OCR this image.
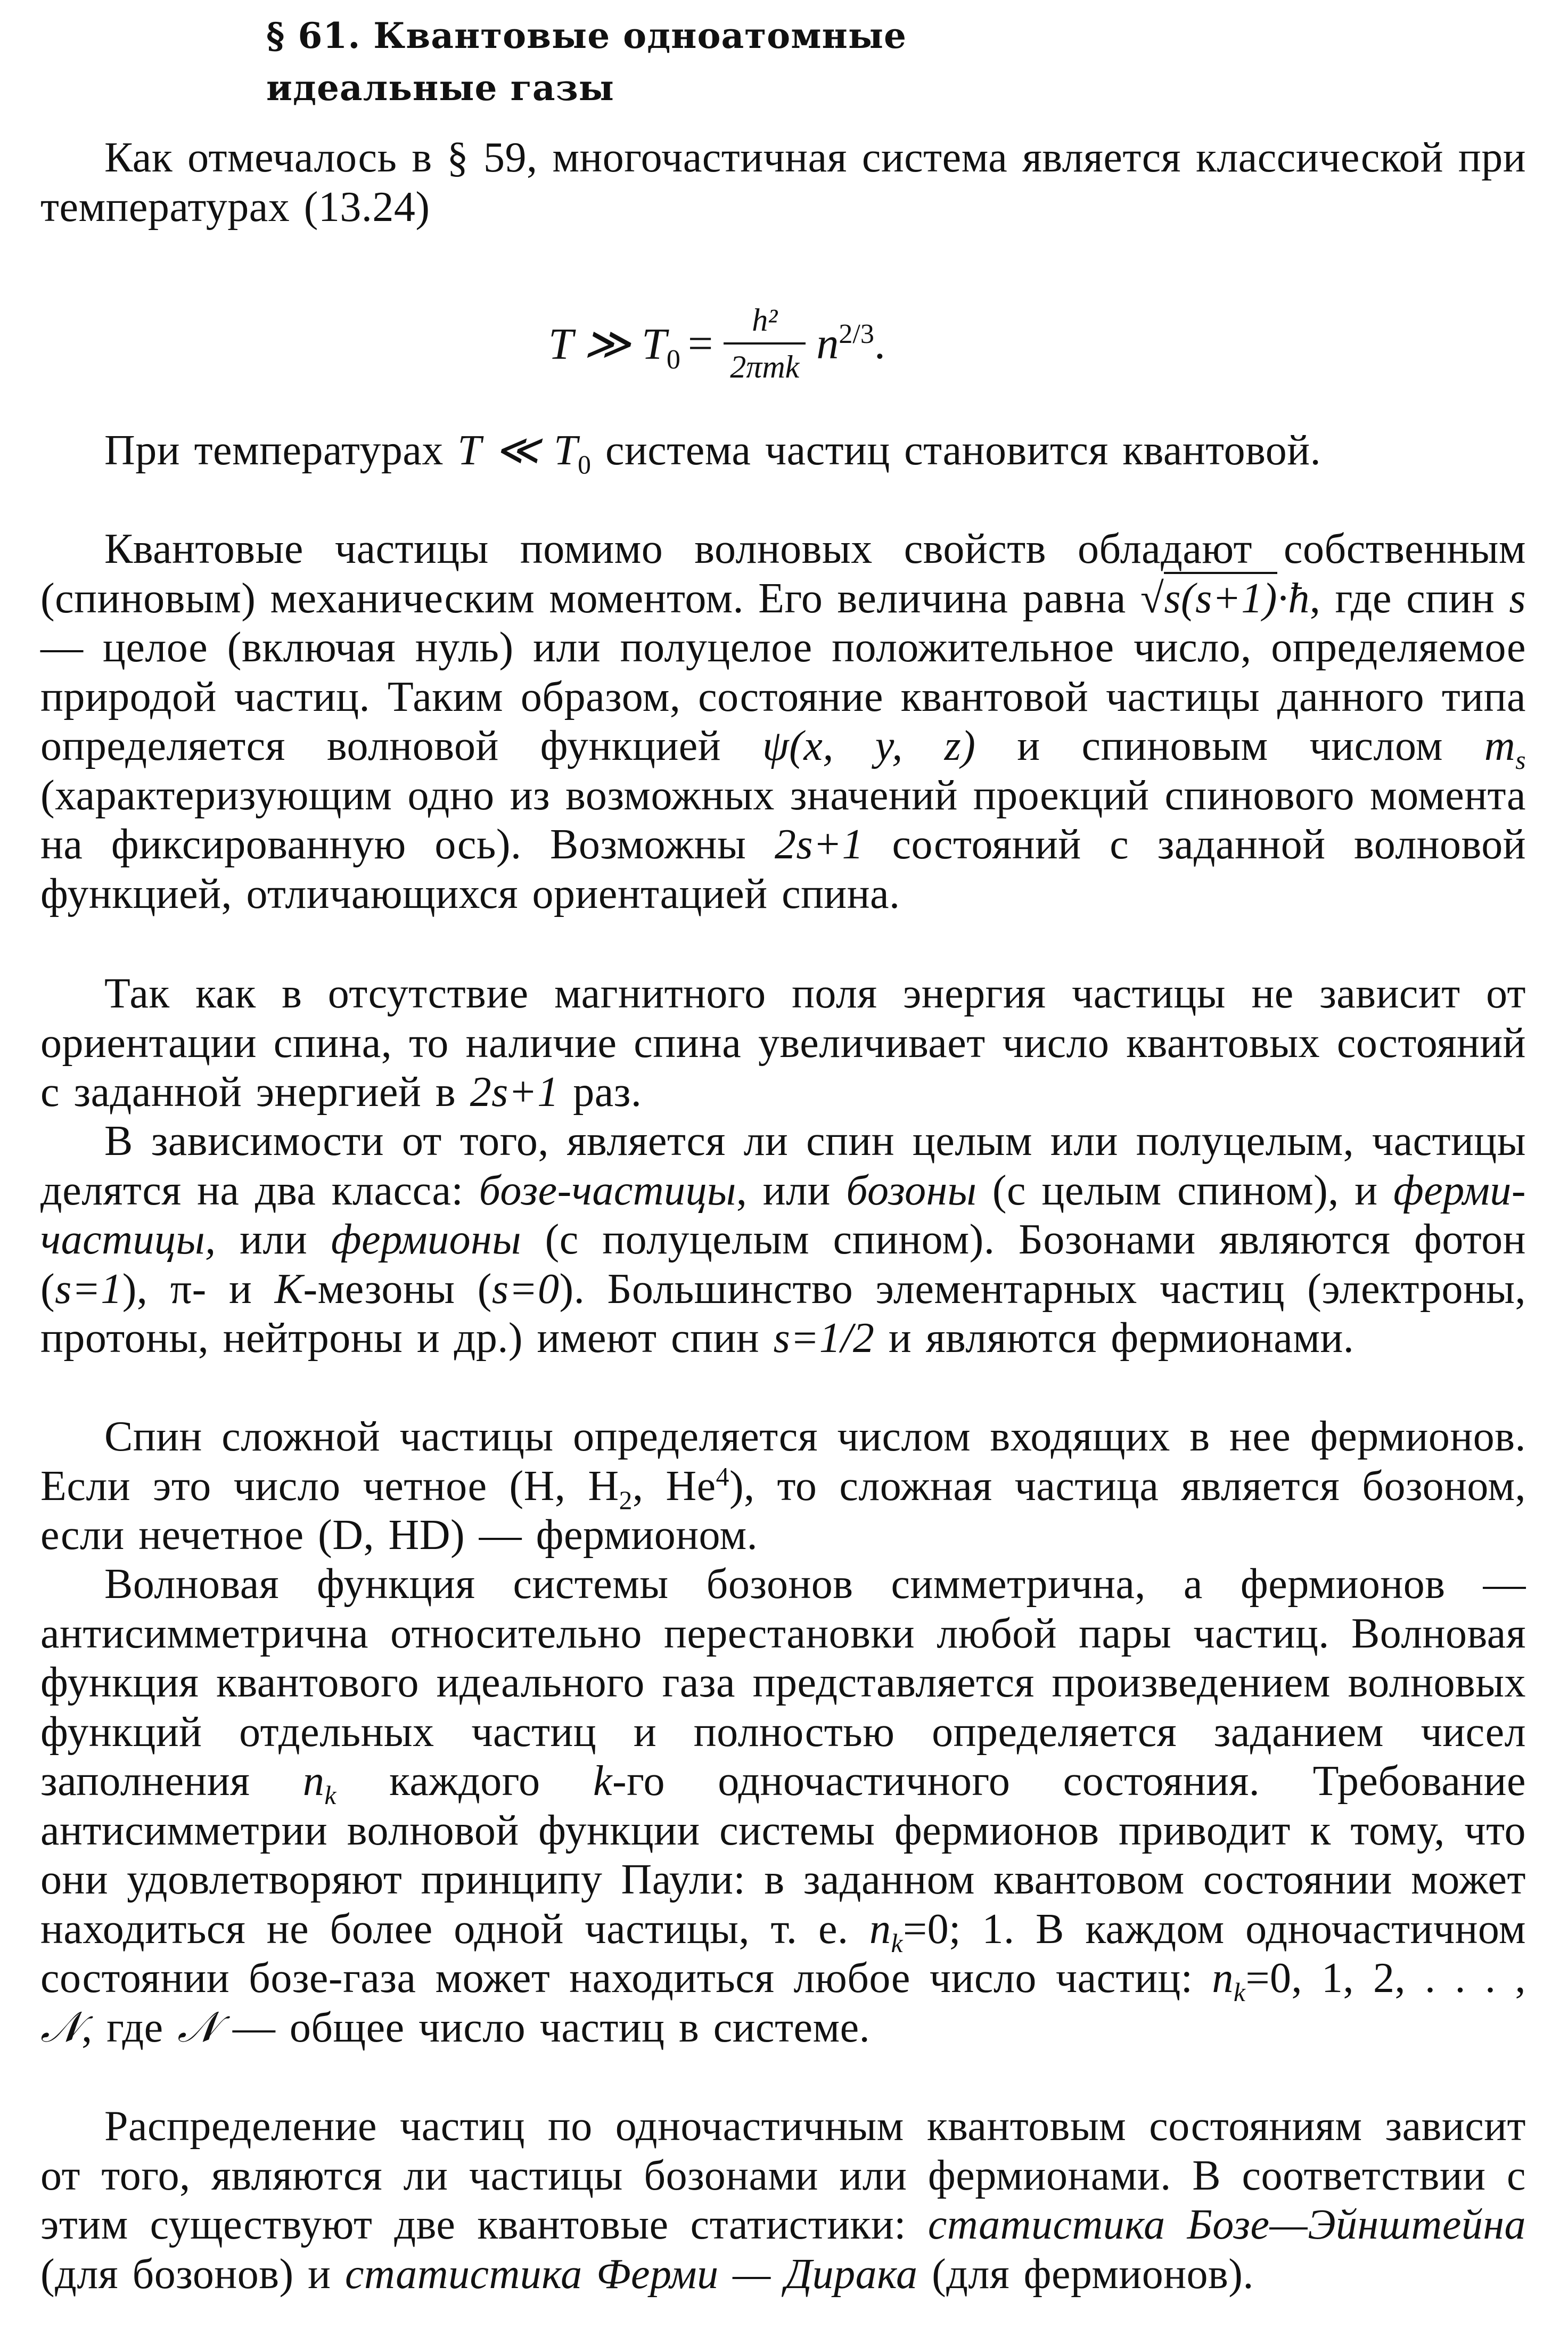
§ 61. Квантовые одноатомные
идеальные газы

Как отмечалось в § 59, многочастичная система является классической при температурах (13.24)

T ≫ $T_0 = \frac{\text{h²}}{\text{2πmk}} n^{2/3}$.

При температурах T ≪ $T_0$ система частиц становится квантовой.

Квантовые частицы помимо волновых свойств обладают собственным (спиновым) механическим моментом. Его величина равна √s(s+1)·ħ, где спин s — целое (включая нуль) или полуцелое положительное число, определяемое природой частиц. Таким образом, состояние квантовой частицы данного типа определяется волновой функцией ψ(x, y, z) и спиновым числом $m_s$ (характеризующим одно из возможных значений проекций спинового момента на фиксированную ось). Возможны 2s+1 состояний с заданной волновой функцией, отличающихся ориентацией спина.

Так как в отсутствие магнитного поля энергия частицы не зависит от ориентации спина, то наличие спина увеличивает число квантовых состояний с заданной энергией в 2s+1 раз.

В зависимости от того, является ли спин целым или полуцелым, частицы делятся на два класса: бозе-частицы, или бозоны (с целым спином), и ферми-частицы, или фермионы (с полуцелым спином). Бозонами являются фотон (s=1), π- и K-мезоны (s=0). Большинство элементарных частиц (электроны, протоны, нейтроны и др.) имеют спин s=1/2 и являются фермионами.

Спин сложной частицы определяется числом входящих в нее фермионов. Если это число четное (H, $H_2$, He$^4$), то сложная частица является бозоном, если нечетное (D, HD) — фермионом.

Волновая функция системы бозонов симметрична, а фермионов — антисимметрична относительно перестановки любой пары частиц. Волновая функция квантового идеального газа представляется произведением волновых функций отдельных частиц и полностью определяется заданием чисел заполнения $n_k$ каждого k-го одночастичного состояния. Требование антисимметрии волновой функции системы фермионов приводит к тому, что они удовлетворяют принципу Паули: в заданном квантовом состоянии может находиться не более одной частицы, т. е. $n_k=0$; 1. В каждом одночастичном состоянии бозе-газа может находиться любое число частиц: $n_k=0$, 1, 2, . . . , 𝒩, где 𝒩 — общее число частиц в системе.

Распределение частиц по одночастичным квантовым состояниям зависит от того, являются ли частицы бозонами или фермионами. В соответствии с этим существуют две квантовые статистики: статистика Бозе—Эйнштейна (для бозонов) и статистика Ферми — Дирака (для фермионов).
